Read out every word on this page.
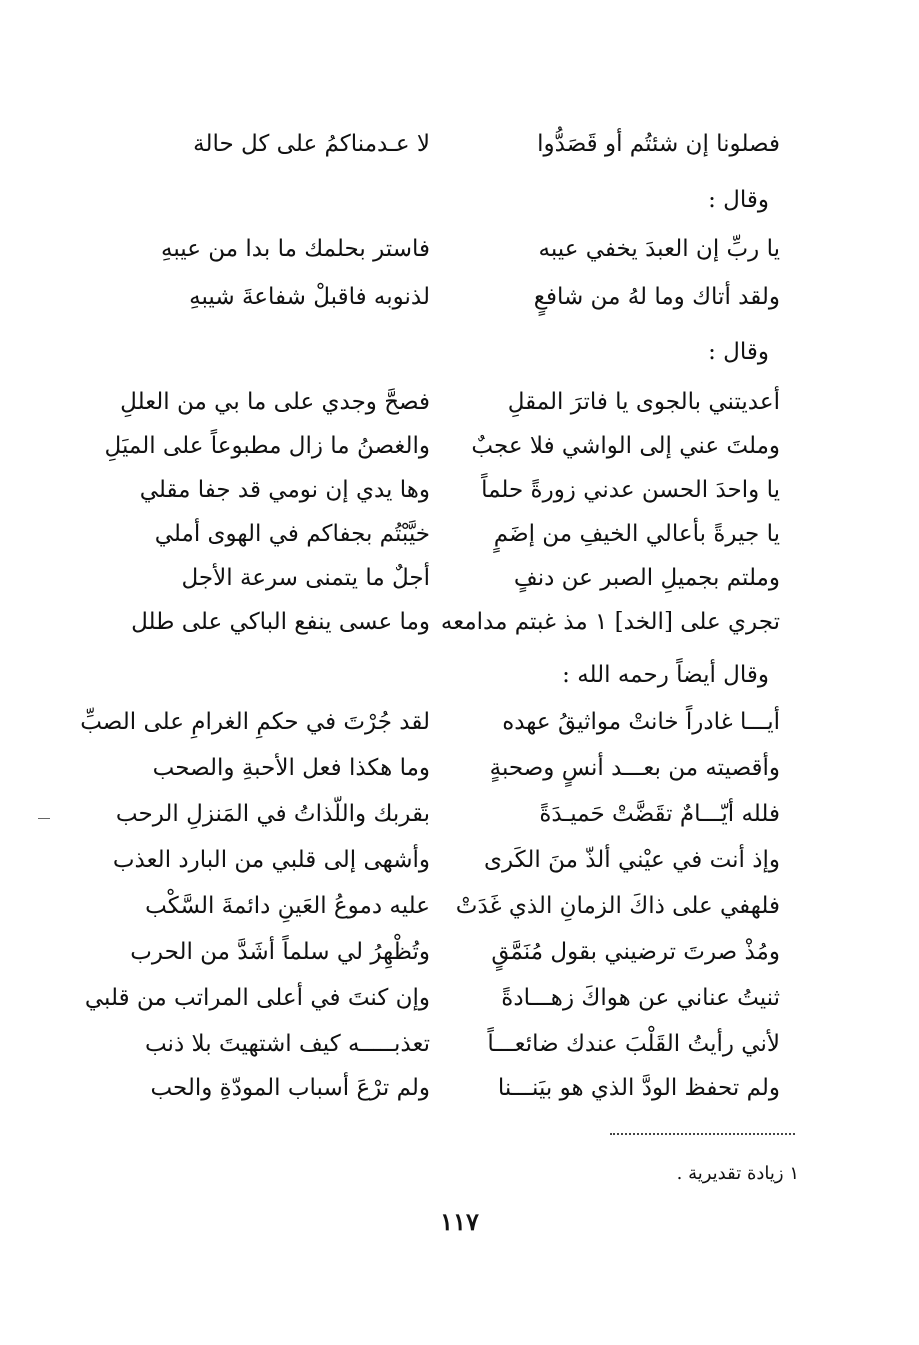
فصلونا إن شئتُم أو قَصَدُّوا
لا عـدمناكمُ على كل حالة
وقال :
يا ربِّ إن العبدَ يخفي عيبه
فاستر بحلمك ما بدا من عيبهِ
ولقد أتاك وما لهُ من شافعٍ
لذنوبه فاقبلْ شفاعةَ شيبهِ
وقال :
أعديتني بالجوى يا فاترَ المقلِ
فصحَّ وجدي على ما بي من العللِ
وملتَ عني إلى الواشي فلا عجبٌ
والغصنُ ما زال مطبوعاً على الميَلِ
يا واحدَ الحسن عدني زورةً حلماً
وها يدي إن نومي قد جفا مقلي
يا جيرةً بأعالي الخيفِ من إضَمٍ
خيَّبْتُم بجفاكم في الهوى أملي
وملتم بجميلِ الصبر عن دنفٍ
أجلٌ ما يتمنى سرعة الأجل
تجري على [الخد] ١ مذ غبتم مدامعه
وما عسى ينفع الباكي على طلل
وقال أيضاً رحمه الله :
أيـــا غادراً خانتْ مواثيقُ عهده
لقد جُرْتَ في حكمِ الغرامِ على الصبِّ
وأقصيته من بعـــد أنسٍ وصحبةٍ
وما هكذا فعل الأحبةِ والصحب
فلله أيّـــامٌ تقَضَّتْ حَميـدَةً
بقربك واللّذاتُ في المَنزلِ الرحب
وإذ أنت في عيْني ألذّ منَ الكَرى
وأشهى إلى قلبي من البارد العذب
فلهفي على ذاكَ الزمانِ الذي غَدَتْ
عليه دموعُ العَينِ دائمةَ السَّكْب
ومُذْ صرتَ ترضيني بقول مُنَمَّقٍ
وتُظْهِرُ لي سلماً أشَدَّ من الحرب
ثنيتُ عناني عن هواكَ زهـــادةً
وإن كنتَ في أعلى المراتب من قلبي
لأني رأيتُ القَلْبَ عندك ضائعـــاً
تعذبـــــه كيف اشتهيتَ بلا ذنب
ولم تحفظ الودَّ الذي هو بيَنـــنا
ولم ترْعَ أسباب المودّةِ والحب
١ زيادة تقديرية .
١١٧
